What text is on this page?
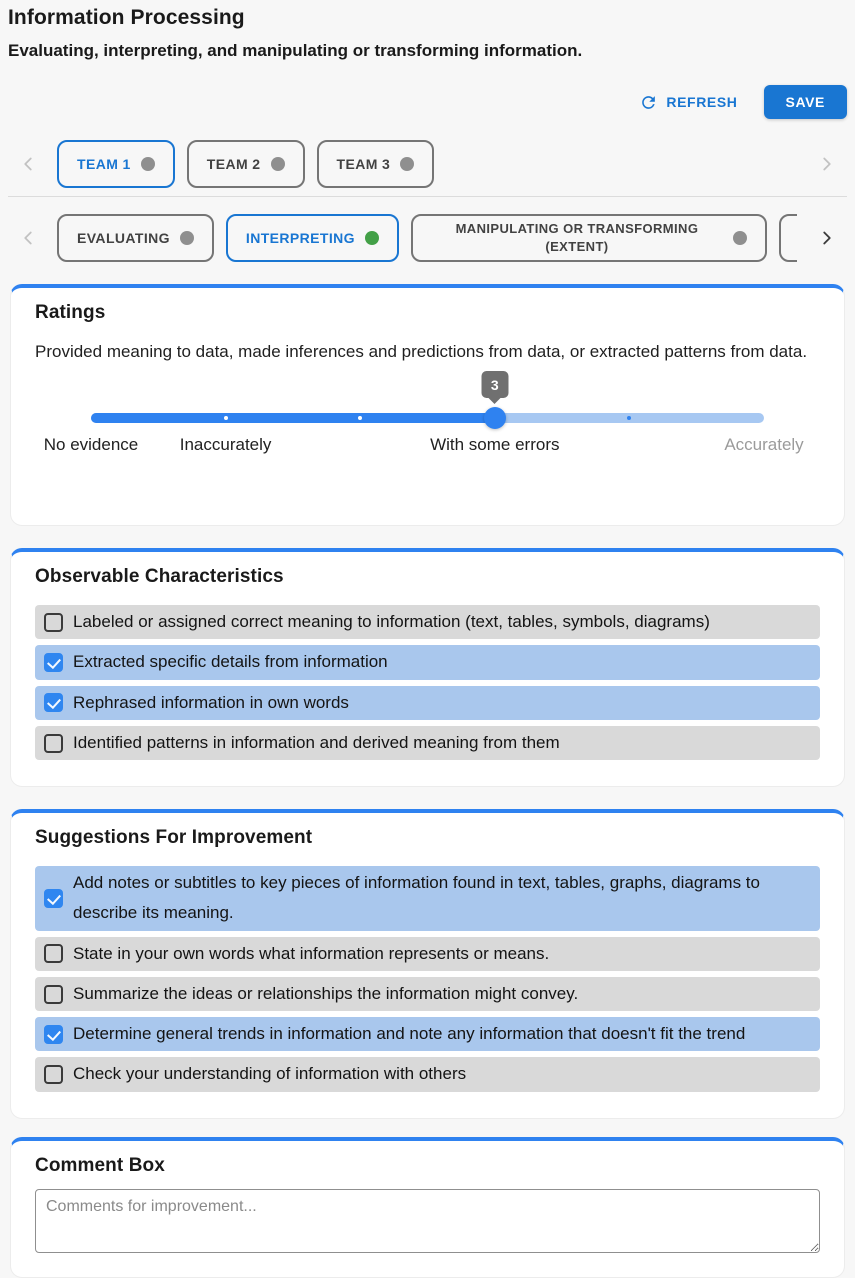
Information Processing
Evaluating, interpreting, and manipulating or transforming information.
REFRESH	SAVE
TEAM 1	TEAM 2	TEAM 3
EVALUATING	INTERPRETING
MANIPULATING OR TRANSFORMING (EXTENT)
Ratings

Provided meaning to data, made inferences and predictions from data, or extracted patterns from data.

3
No evidence Inaccurately	With some errors	Accurately
Observable Characteristics
Labeled or assigned correct meaning to information (text, tables, symbols, diagrams)
Extracted specific details from information
Rephrased information in own words
Identified patterns in information and derived meaning from them
Suggestions For Improvement
Add notes or subtitles to key pieces of information found in text, tables, graphs, diagrams to describe its meaning.
State in your own words what information represents or means.
Summarize the ideas or relationships the information might convey.
Determine general trends in information and note any information that doesn't fit the trend
Check your understanding of information with others
Comment Box
Comments for improvement...
